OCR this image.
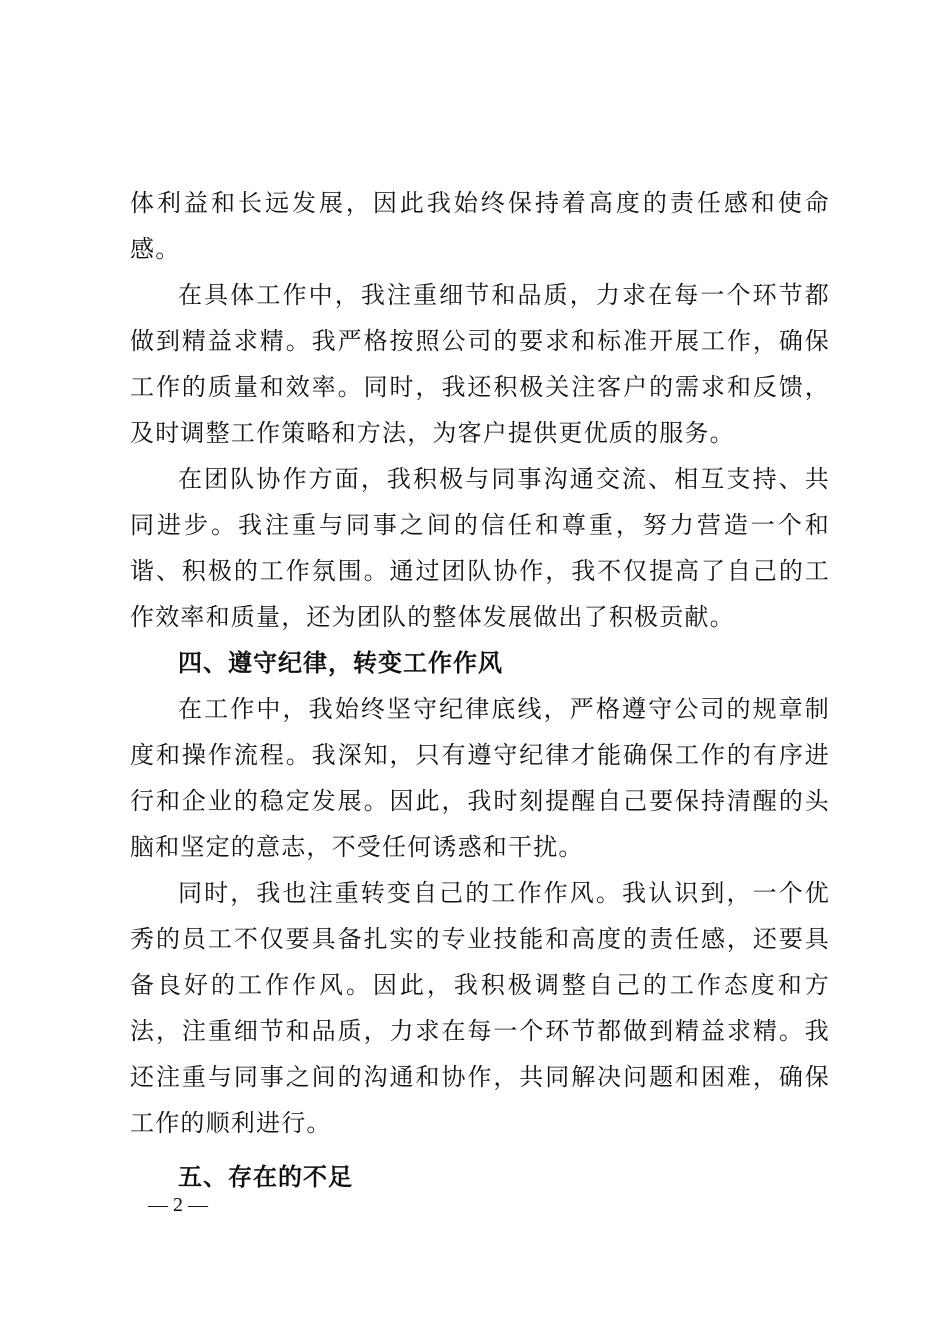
体利益和长远发展，因此我始终保持着高度的责任感和使命感。

在具体工作中，我注重细节和品质，力求在每一个环节都做到精益求精。我严格按照公司的要求和标准开展工作，确保工作的质量和效率。同时，我还积极关注客户的需求和反馈，及时调整工作策略和方法，为客户提供更优质的服务。

在团队协作方面，我积极与同事沟通交流、相互支持、共同进步。我注重与同事之间的信任和尊重，努力营造一个和谐、积极的工作氛围。通过团队协作，我不仅提高了自己的工作效率和质量，还为团队的整体发展做出了积极贡献。

四、遵守纪律，转变工作作风

在工作中，我始终坚守纪律底线，严格遵守公司的规章制度和操作流程。我深知，只有遵守纪律才能确保工作的有序进行和企业的稳定发展。因此，我时刻提醒自己要保持清醒的头脑和坚定的意志，不受任何诱惑和干扰。

同时，我也注重转变自己的工作作风。我认识到，一个优秀的员工不仅要具备扎实的专业技能和高度的责任感，还要具备良好的工作作风。因此，我积极调整自己的工作态度和方法，注重细节和品质，力求在每一个环节都做到精益求精。我还注重与同事之间的沟通和协作，共同解决问题和困难，确保工作的顺利进行。

五、存在的不足
— 2 —
